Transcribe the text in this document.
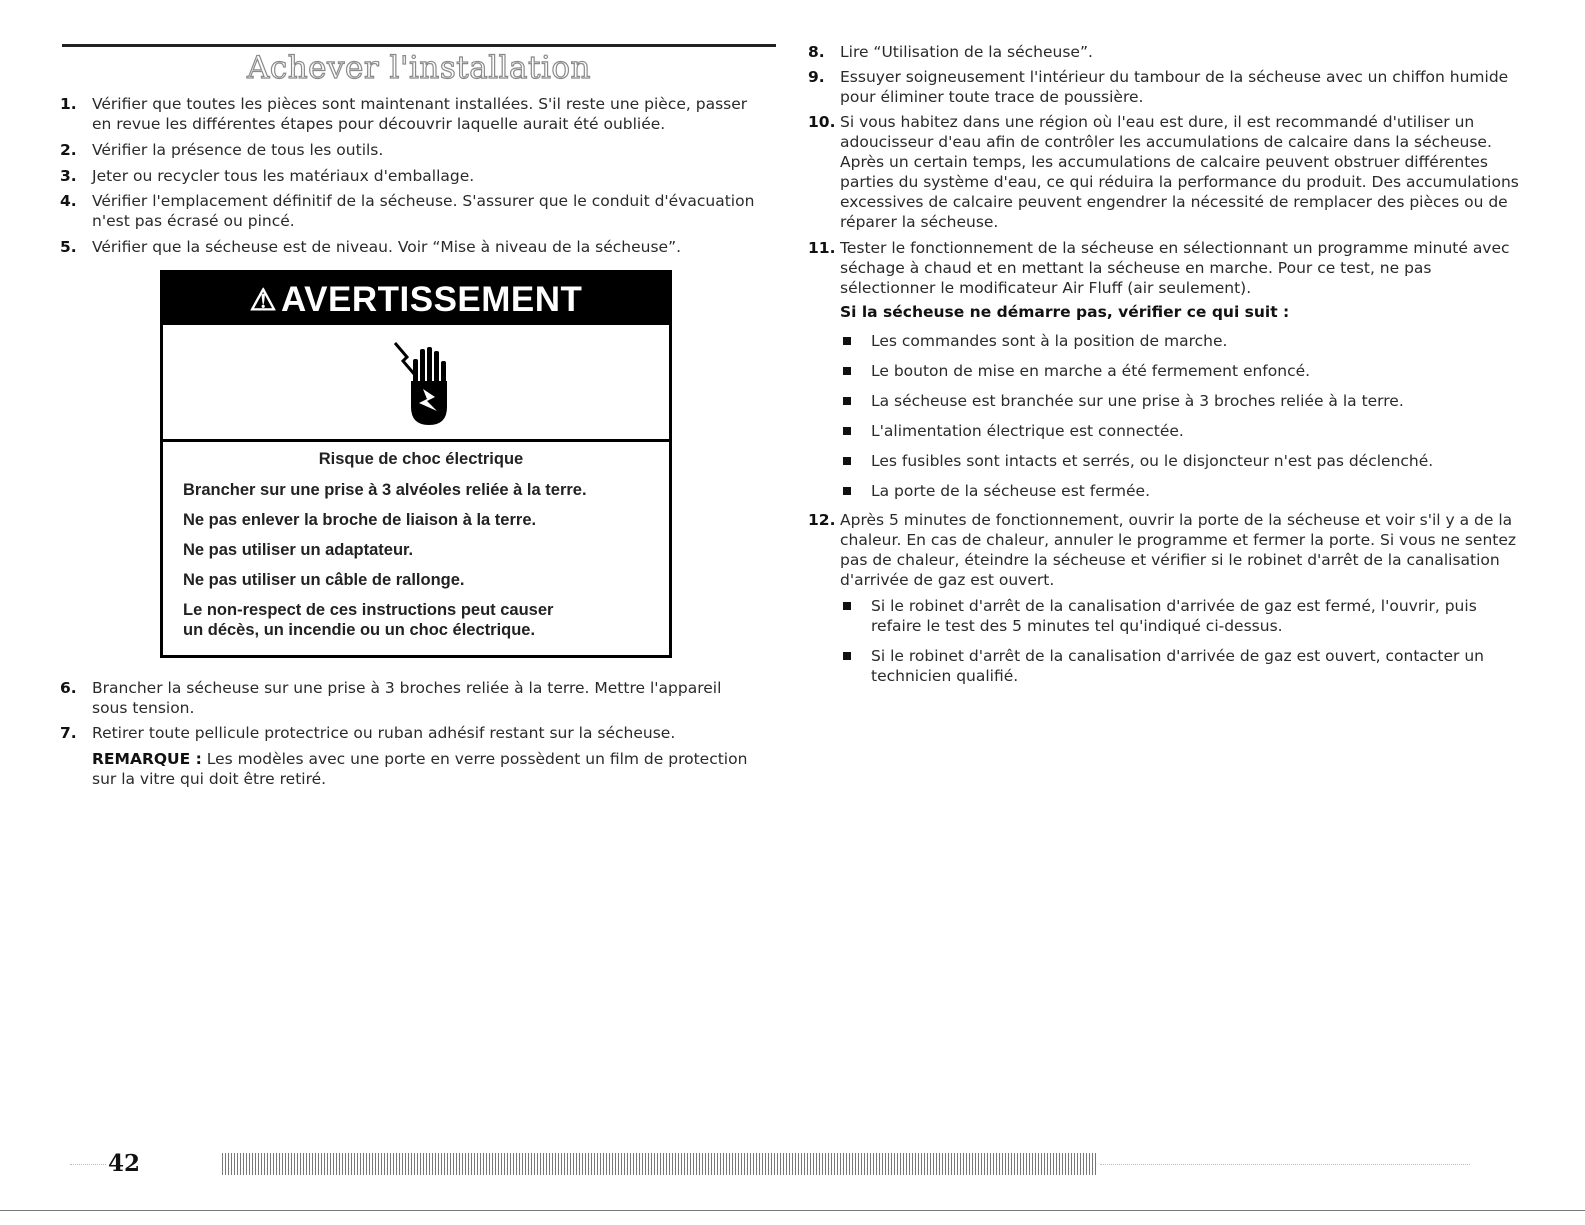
Achever l'installation
1. Vérifier que toutes les pièces sont maintenant installées. S'il reste une pièce, passer en revue les différentes étapes pour découvrir laquelle aurait été oubliée.
2. Vérifier la présence de tous les outils.
3. Jeter ou recycler tous les matériaux d'emballage.
4. Vérifier l'emplacement définitif de la sécheuse. S'assurer que le conduit d'évacuation n'est pas écrasé ou pincé.
5. Vérifier que la sécheuse est de niveau. Voir “Mise à niveau de la sécheuse”.
⚠ AVERTISSEMENT
Risque de choc électrique
Brancher sur une prise à 3 alvéoles reliée à la terre.
Ne pas enlever la broche de liaison à la terre.
Ne pas utiliser un adaptateur.
Ne pas utiliser un câble de rallonge.
Le non-respect de ces instructions peut causer
un décès, un incendie ou un choc électrique.
6. Brancher la sécheuse sur une prise à 3 broches reliée à la terre. Mettre l'appareil sous tension.
7. Retirer toute pellicule protectrice ou ruban adhésif restant sur la sécheuse.
REMARQUE : Les modèles avec une porte en verre possèdent un film de protection sur la vitre qui doit être retiré.
8. Lire “Utilisation de la sécheuse”.
9. Essuyer soigneusement l'intérieur du tambour de la sécheuse avec un chiffon humide pour éliminer toute trace de poussière.
10. Si vous habitez dans une région où l'eau est dure, il est recommandé d'utiliser un adoucisseur d'eau afin de contrôler les accumulations de calcaire dans la sécheuse. Après un certain temps, les accumulations de calcaire peuvent obstruer différentes parties du système d'eau, ce qui réduira la performance du produit. Des accumulations excessives de calcaire peuvent engendrer la nécessité de remplacer des pièces ou de réparer la sécheuse.
11. Tester le fonctionnement de la sécheuse en sélectionnant un programme minuté avec séchage à chaud et en mettant la sécheuse en marche. Pour ce test, ne pas sélectionner le modificateur Air Fluff (air seulement).
Si la sécheuse ne démarre pas, vérifier ce qui suit :
Les commandes sont à la position de marche.
Le bouton de mise en marche a été fermement enfoncé.
La sécheuse est branchée sur une prise à 3 broches reliée à la terre.
L'alimentation électrique est connectée.
Les fusibles sont intacts et serrés, ou le disjoncteur n'est pas déclenché.
La porte de la sécheuse est fermée.
12. Après 5 minutes de fonctionnement, ouvrir la porte de la sécheuse et voir s'il y a de la chaleur. En cas de chaleur, annuler le programme et fermer la porte. Si vous ne sentez pas de chaleur, éteindre la sécheuse et vérifier si le robinet d'arrêt de la canalisation d'arrivée de gaz est ouvert.
Si le robinet d'arrêt de la canalisation d'arrivée de gaz est fermé, l'ouvrir, puis refaire le test des 5 minutes tel qu'indiqué ci-dessus.
Si le robinet d'arrêt de la canalisation d'arrivée de gaz est ouvert, contacter un technicien qualifié.
42
